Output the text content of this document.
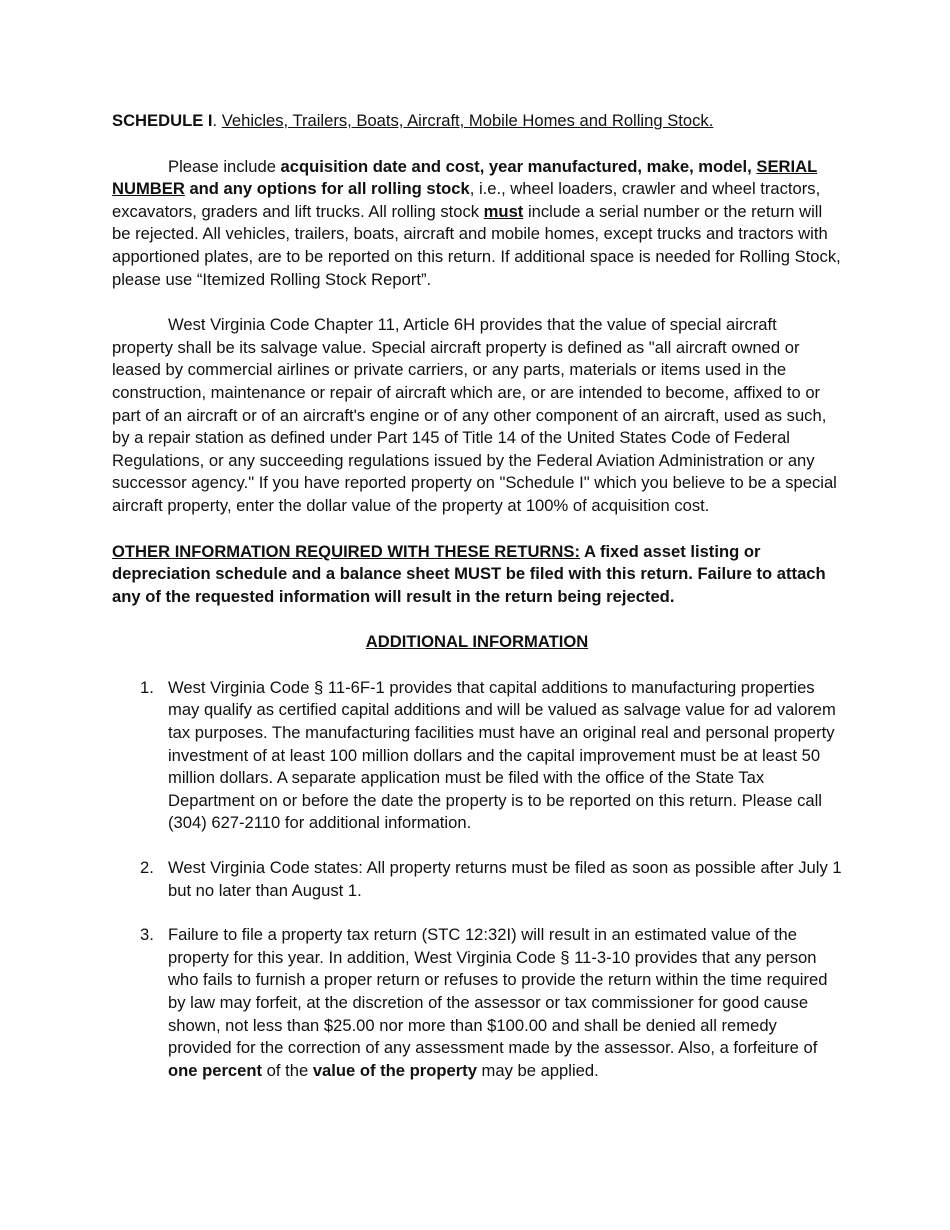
SCHEDULE I. Vehicles, Trailers, Boats, Aircraft, Mobile Homes and Rolling Stock.

Please include acquisition date and cost, year manufactured, make, model, SERIAL NUMBER and any options for all rolling stock, i.e., wheel loaders, crawler and wheel tractors, excavators, graders and lift trucks. All rolling stock must include a serial number or the return will be rejected. All vehicles, trailers, boats, aircraft and mobile homes, except trucks and tractors with apportioned plates, are to be reported on this return. If additional space is needed for Rolling Stock, please use “Itemized Rolling Stock Report”.

West Virginia Code Chapter 11, Article 6H provides that the value of special aircraft property shall be its salvage value. Special aircraft property is defined as "all aircraft owned or leased by commercial airlines or private carriers, or any parts, materials or items used in the construction, maintenance or repair of aircraft which are, or are intended to become, affixed to or part of an aircraft or of an aircraft's engine or of any other component of an aircraft, used as such, by a repair station as defined under Part 145 of Title 14 of the United States Code of Federal Regulations, or any succeeding regulations issued by the Federal Aviation Administration or any successor agency." If you have reported property on "Schedule I" which you believe to be a special aircraft property, enter the dollar value of the property at 100% of acquisition cost.

OTHER INFORMATION REQUIRED WITH THESE RETURNS: A fixed asset listing or depreciation schedule and a balance sheet MUST be filed with this return. Failure to attach any of the requested information will result in the return being rejected.

ADDITIONAL INFORMATION

1. West Virginia Code § 11-6F-1 provides that capital additions to manufacturing properties may qualify as certified capital additions and will be valued as salvage value for ad valorem tax purposes. The manufacturing facilities must have an original real and personal property investment of at least 100 million dollars and the capital improvement must be at least 50 million dollars. A separate application must be filed with the office of the State Tax Department on or before the date the property is to be reported on this return. Please call (304) 627-2110 for additional information.
2. West Virginia Code states: All property returns must be filed as soon as possible after July 1 but no later than August 1.
3. Failure to file a property tax return (STC 12:32I) will result in an estimated value of the property for this year. In addition, West Virginia Code § 11-3-10 provides that any person who fails to furnish a proper return or refuses to provide the return within the time required by law may forfeit, at the discretion of the assessor or tax commissioner for good cause shown, not less than $25.00 nor more than $100.00 and shall be denied all remedy provided for the correction of any assessment made by the assessor. Also, a forfeiture of one percent of the value of the property may be applied.
